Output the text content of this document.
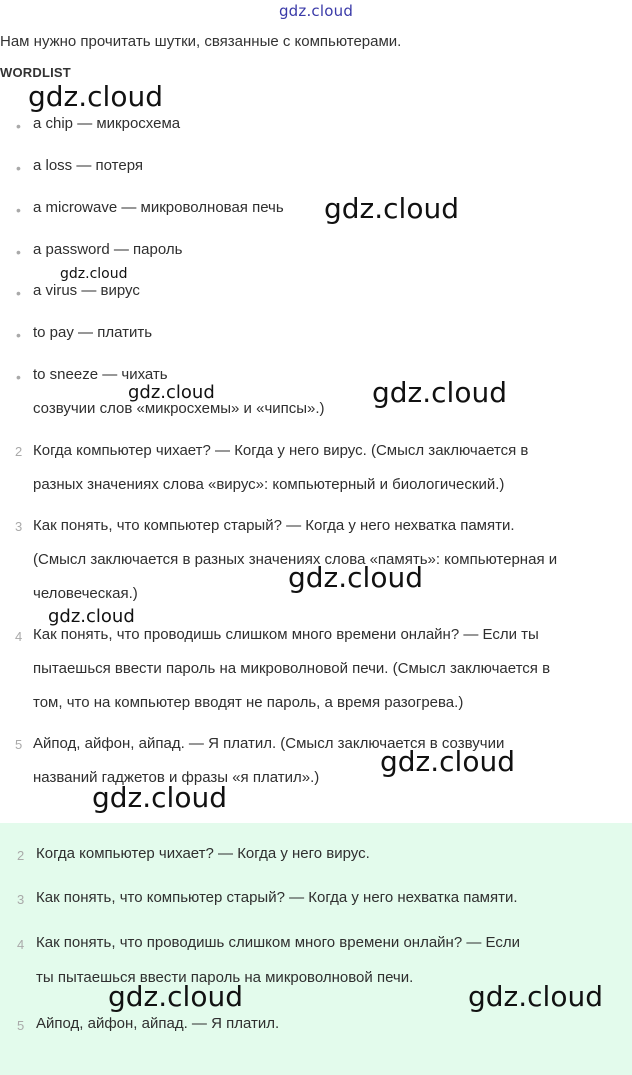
gdz.cloud
Нам нужно прочитать шутки, связанные с компьютерами.
WORDLIST
• a chip — микросхема
• a loss — потеря
• a microwave — микроволновая печь
• a password — пароль
• a virus — вирус
• to pay — платить
• to sneeze — чихать
созвучии слов «микросхемы» и «чипсы».)
2 Когда компьютер чихает? — Когда у него вирус. (Смысл заключается в
разных значениях слова «вирус»: компьютерный и биологический.)
3 Как понять, что компьютер старый? — Когда у него нехватка памяти.
(Смысл заключается в разных значениях слова «память»: компьютерная и
человеческая.)
4 Как понять, что проводишь слишком много времени онлайн? — Если ты
пытаешься ввести пароль на микроволновой печи. (Смысл заключается в
том, что на компьютер вводят не пароль, а время разогрева.)
5 Айпод, айфон, айпад. — Я платил. (Смысл заключается в созвучии
названий гаджетов и фразы «я платил».)
2 Когда компьютер чихает? — Когда у него вирус.
3 Как понять, что компьютер старый? — Когда у него нехватка памяти.
4 Как понять, что проводишь слишком много времени онлайн? — Если
ты пытаешься ввести пароль на микроволновой печи.
5 Айпод, айфон, айпад. — Я платил.
gdz.cloud
gdz.cloud
gdz.cloud
gdz.cloud	gdz.cloud
gdz.cloud
gdz.cloud
gdz.cloud
gdz.cloud
gdz.cloud	gdz.cloud
